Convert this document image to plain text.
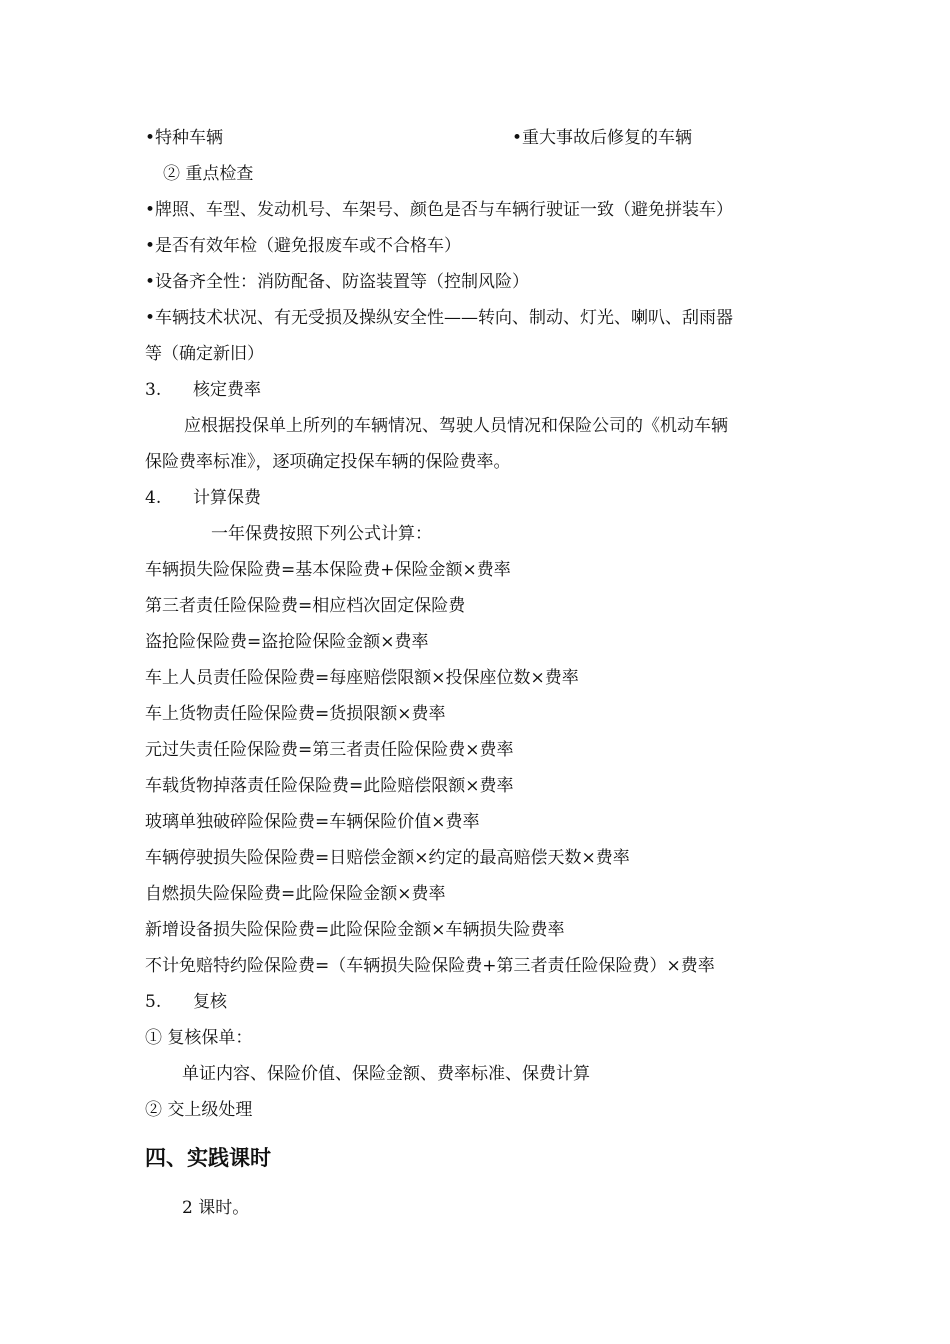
•特种车辆	•重大事故后修复的车辆
② 重点检查
•牌照、车型、发动机号、车架号、颜色是否与车辆行驶证一致（避免拼装车）
•是否有效年检（避免报废车或不合格车）
•设备齐全性：消防配备、防盗装置等（控制风险）
•车辆技术状况、有无受损及操纵安全性——转向、制动、灯光、喇叭、刮雨器
等（确定新旧）
3. 核定费率
应根据投保单上所列的车辆情况、驾驶人员情况和保险公司的《机动车辆
保险费率标准》，逐项确定投保车辆的保险费率。
4. 计算保费
一年保费按照下列公式计算：
车辆损失险保险费=基本保险费+保险金额×费率
第三者责任险保险费=相应档次固定保险费
盗抢险保险费=盗抢险保险金额×费率
车上人员责任险保险费=每座赔偿限额×投保座位数×费率
车上货物责任险保险费=货损限额×费率
元过失责任险保险费=第三者责任险保险费×费率
车载货物掉落责任险保险费=此险赔偿限额×费率
玻璃单独破碎险保险费=车辆保险价值×费率
车辆停驶损失险保险费=日赔偿金额×约定的最高赔偿天数×费率
自燃损失险保险费=此险保险金额×费率
新增设备损失险保险费=此险保险金额×车辆损失险费率
不计免赔特约险保险费=（车辆损失险保险费+第三者责任险保险费）×费率
5. 复核
① 复核保单：
单证内容、保险价值、保险金额、费率标准、保费计算
② 交上级处理
四、实践课时
2 课时。
